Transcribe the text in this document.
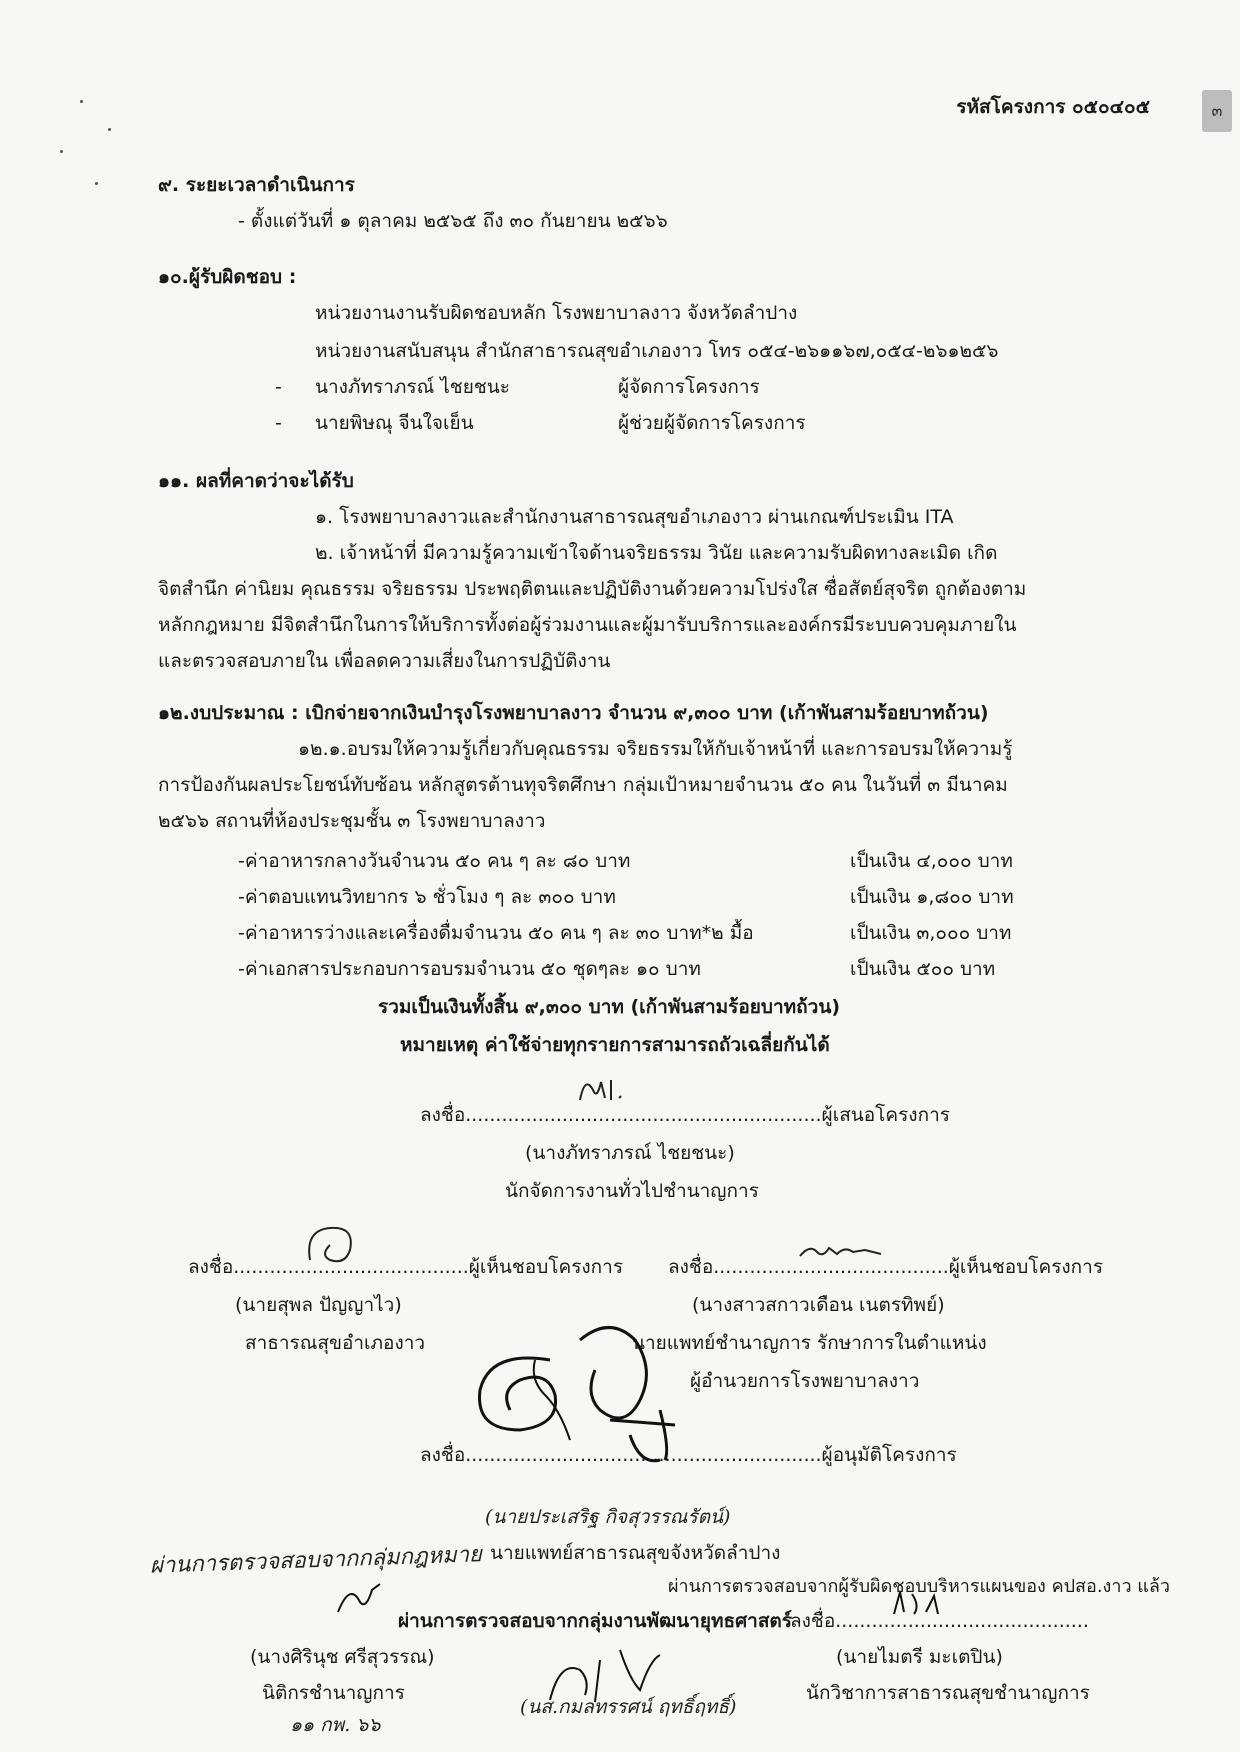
รหัสโครงการ ๐๕๐๔๐๕	๓
๙. ระยะเวลาดำเนินการ
- ตั้งแต่วันที่ ๑ ตุลาคม ๒๕๖๕ ถึง ๓๐ กันยายน ๒๕๖๖
๑๐.ผู้รับผิดชอบ :
หน่วยงานงานรับผิดชอบหลัก โรงพยาบาลงาว จังหวัดลำปาง
หน่วยงานสนับสนุน สำนักสาธารณสุขอำเภองาว โทร ๐๕๔-๒๖๑๑๖๗,๐๕๔-๒๖๑๒๕๖
- นางภัทราภรณ์ ไชยชนะ	ผู้จัดการโครงการ
- นายพิษณุ จีนใจเย็น	ผู้ช่วยผู้จัดการโครงการ
๑๑. ผลที่คาดว่าจะได้รับ
๑. โรงพยาบาลงาวและสำนักงานสาธารณสุขอำเภองาว ผ่านเกณฑ์ประเมิน ITA
๒. เจ้าหน้าที่ มีความรู้ความเข้าใจด้านจริยธรรม วินัย และความรับผิดทางละเมิด เกิด

จิตสำนึก ค่านิยม คุณธรรม จริยธรรม ประพฤติตนและปฏิบัติงานด้วยความโปร่งใส ซื่อสัตย์สุจริต ถูกต้องตาม

หลักกฎหมาย มีจิตสำนึกในการให้บริการทั้งต่อผู้ร่วมงานและผู้มารับบริการและองค์กรมีระบบควบคุมภายใน

และตรวจสอบภายใน เพื่อลดความเสี่ยงในการปฏิบัติงาน

๑๒.งบประมาณ : เบิกจ่ายจากเงินบำรุงโรงพยาบาลงาว จำนวน ๙,๓๐๐ บาท (เก้าพันสามร้อยบาทถ้วน)
๑๒.๑.อบรมให้ความรู้เกี่ยวกับคุณธรรม จริยธรรมให้กับเจ้าหน้าที่ และการอบรมให้ความรู้

การป้องกันผลประโยชน์ทับซ้อน หลักสูตรต้านทุจริตศึกษา กลุ่มเป้าหมายจำนวน ๕๐ คน ในวันที่ ๓ มีนาคม

๒๕๖๖ สถานที่ห้องประชุมชั้น ๓ โรงพยาบาลงาว

-ค่าอาหารกลางวันจำนวน ๕๐ คน ๆ ละ ๘๐ บาท	เป็นเงิน ๔,๐๐๐ บาท
-ค่าตอบแทนวิทยากร ๖ ชั่วโมง ๆ ละ ๓๐๐ บาท	เป็นเงิน ๑,๘๐๐ บาท
-ค่าอาหารว่างและเครื่องดื่มจำนวน ๕๐ คน ๆ ละ ๓๐ บาท*๒ มื้อ	เป็นเงิน ๓,๐๐๐ บาท
-ค่าเอกสารประกอบการอบรมจำนวน ๕๐ ชุดๆละ ๑๐ บาท	เป็นเงิน ๕๐๐ บาท
รวมเป็นเงินทั้งสิ้น ๙,๓๐๐ บาท (เก้าพันสามร้อยบาทถ้วน)
หมายเหตุ ค่าใช้จ่ายทุกรายการสามารถถัวเฉลี่ยกันได้
ลงชื่อ...........................................................ผู้เสนอโครงการ
(นางภัทราภรณ์ ไชยชนะ)
นักจัดการงานทั่วไปชำนาญการ
ลงชื่อ.......................................ผู้เห็นชอบโครงการ
(นายสุพล ปัญญาไว)
สาธารณสุขอำเภองาว
ลงชื่อ.......................................ผู้เห็นชอบโครงการ
(นางสาวสกาวเดือน เนตรทิพย์)
นายแพทย์ชำนาญการ รักษาการในตำแหน่ง
ผู้อำนวยการโรงพยาบาลงาว
ลงชื่อ...........................................................ผู้อนุมัติโครงการ
(นายประเสริฐ กิจสุวรรณรัตน์)
นายแพทย์สาธารณสุขจังหวัดลำปาง
ผ่านการตรวจสอบจากกลุ่มกฎหมาย
ผ่านการตรวจสอบจากผู้รับผิดชอบบริหารแผนของ คปสอ.งาว แล้ว
ผ่านการตรวจสอบจากกลุ่มงานพัฒนายุทธศาสตร์
ลงชื่อ..........................................
(นางศิรินุช ศรีสุวรรณ)	(นายไมตรี มะเตปิน)
นิติกรชำนาญการ
(นส.กมลทรรศน์ ฤทธิ์ฤทธิ์)
นักวิชาการสาธารณสุขชำนาญการ
๑๑ กพ. ๖๖
